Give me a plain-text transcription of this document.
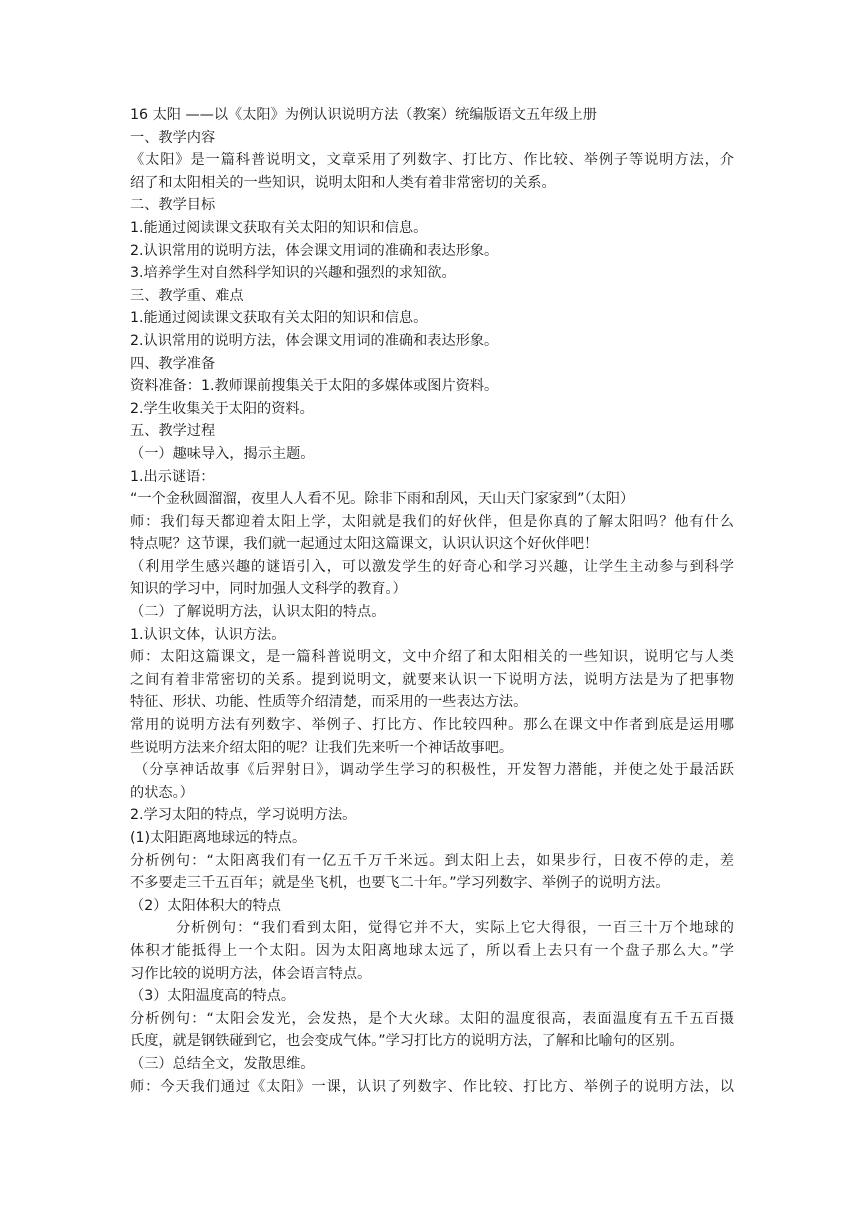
16 太阳 ——以《太阳》为例认识说明方法（教案）统编版语文五年级上册
一、教学内容
《太阳》是一篇科普说明文，文章采用了列数字、打比方、作比较、举例子等说明方法，介
绍了和太阳相关的一些知识，说明太阳和人类有着非常密切的关系。
二、教学目标
1.能通过阅读课文获取有关太阳的知识和信息。
2.认识常用的说明方法，体会课文用词的准确和表达形象。
3.培养学生对自然科学知识的兴趣和强烈的求知欲。
三、教学重、难点
1.能通过阅读课文获取有关太阳的知识和信息。
2.认识常用的说明方法，体会课文用词的准确和表达形象。
四、教学准备
资料准备：1.教师课前搜集关于太阳的多媒体或图片资料。
2.学生收集关于太阳的资料。
五、教学过程
（一）趣味导入，揭示主题。
1.出示谜语：
“一个金秋圆溜溜，夜里人人看不见。除非下雨和刮风，天山天门家家到”（太阳）
师：我们每天都迎着太阳上学，太阳就是我们的好伙伴，但是你真的了解太阳吗？他有什么
特点呢？这节课，我们就一起通过太阳这篇课文，认识认识这个好伙伴吧！
（利用学生感兴趣的谜语引入，可以激发学生的好奇心和学习兴趣，让学生主动参与到科学
知识的学习中，同时加强人文科学的教育。）
（二）了解说明方法，认识太阳的特点。
1.认识文体，认识方法。
师：太阳这篇课文，是一篇科普说明文，文中介绍了和太阳相关的一些知识，说明它与人类
之间有着非常密切的关系。提到说明文，就要来认识一下说明方法，说明方法是为了把事物
特征、形状、功能、性质等介绍清楚，而采用的一些表达方法。
常用的说明方法有列数字、举例子、打比方、作比较四种。那么在课文中作者到底是运用哪
些说明方法来介绍太阳的呢？让我们先来听一个神话故事吧。
（分享神话故事《后羿射日》，调动学生学习的积极性，开发智力潜能，并使之处于最活跃
的状态。）
2.学习太阳的特点，学习说明方法。
(1)太阳距离地球远的特点。
分析例句：“太阳离我们有一亿五千万千米远。到太阳上去，如果步行，日夜不停的走，差
不多要走三千五百年；就是坐飞机，也要飞二十年。”学习列数字、举例子的说明方法。
（2）太阳体积大的特点
分析例句：“我们看到太阳，觉得它并不大，实际上它大得很，一百三十万个地球的
体积才能抵得上一个太阳。因为太阳离地球太远了，所以看上去只有一个盘子那么大。”学
习作比较的说明方法，体会语言特点。
（3）太阳温度高的特点。
分析例句：“太阳会发光，会发热，是个大火球。太阳的温度很高，表面温度有五千五百摄
氏度，就是钢铁碰到它，也会变成气体。”学习打比方的说明方法，了解和比喻句的区别。
（三）总结全文，发散思维。
师：今天我们通过《太阳》一课，认识了列数字、作比较、打比方、举例子的说明方法，以
